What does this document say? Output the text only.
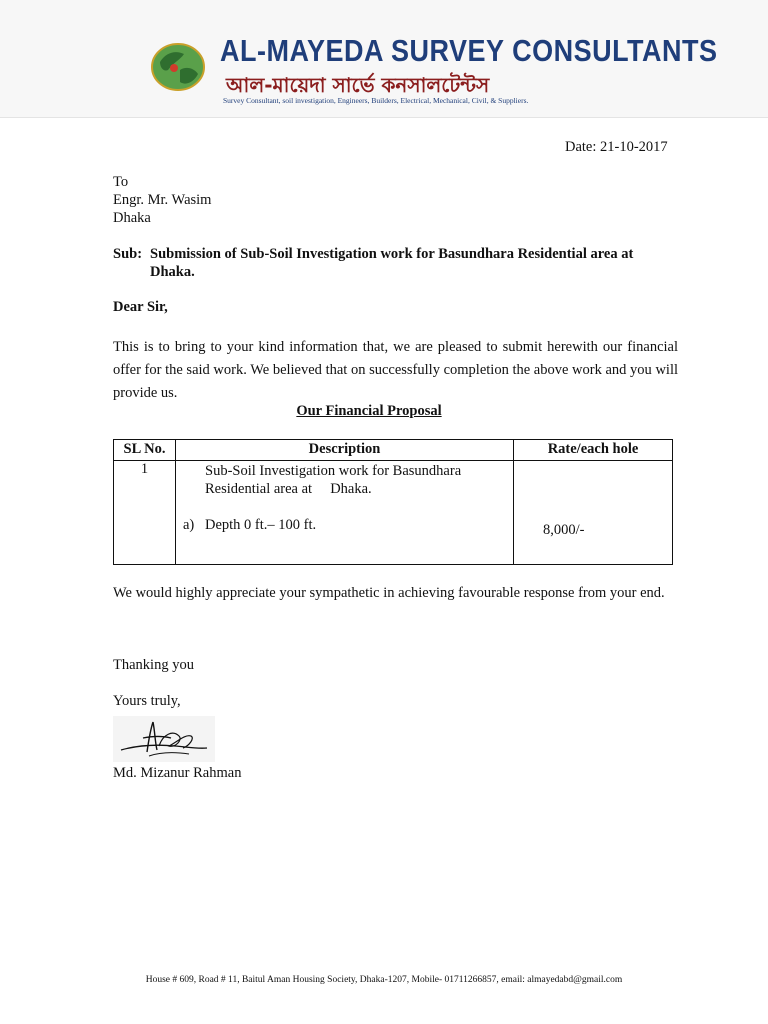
AL-MAYEDA SURVEY CONSULTANTS
আল-মায়েদা সার্ভে কনসালটেন্টস
Survey Consultant, soil investigation, Engineers, Builders, Electrical, Mechanical, Civil, & Suppliers.
Date: 21-10-2017
To
Engr. Mr. Wasim
Dhaka
Sub: Submission of Sub-Soil Investigation work for Basundhara Residential area at
Dhaka.
Dear Sir,
This is to bring to your kind information that, we are pleased to submit herewith our financial offer for the said work. We believed that on successfully completion the above work and you will provide us.
Our Financial Proposal
SL No.	Description	Rate/each hole
1	Sub-Soil Investigation work for Basundhara
Residential area at     Dhaka.
a) Depth 0 ft.– 100 ft.	8,000/-
We would highly appreciate your sympathetic in achieving favourable response from your end.
Thanking you
Yours truly,
Md. Mizanur Rahman
House # 609, Road # 11, Baitul Aman Housing Society, Dhaka-1207, Mobile- 01711266857, email: almayedabd@gmail.com
